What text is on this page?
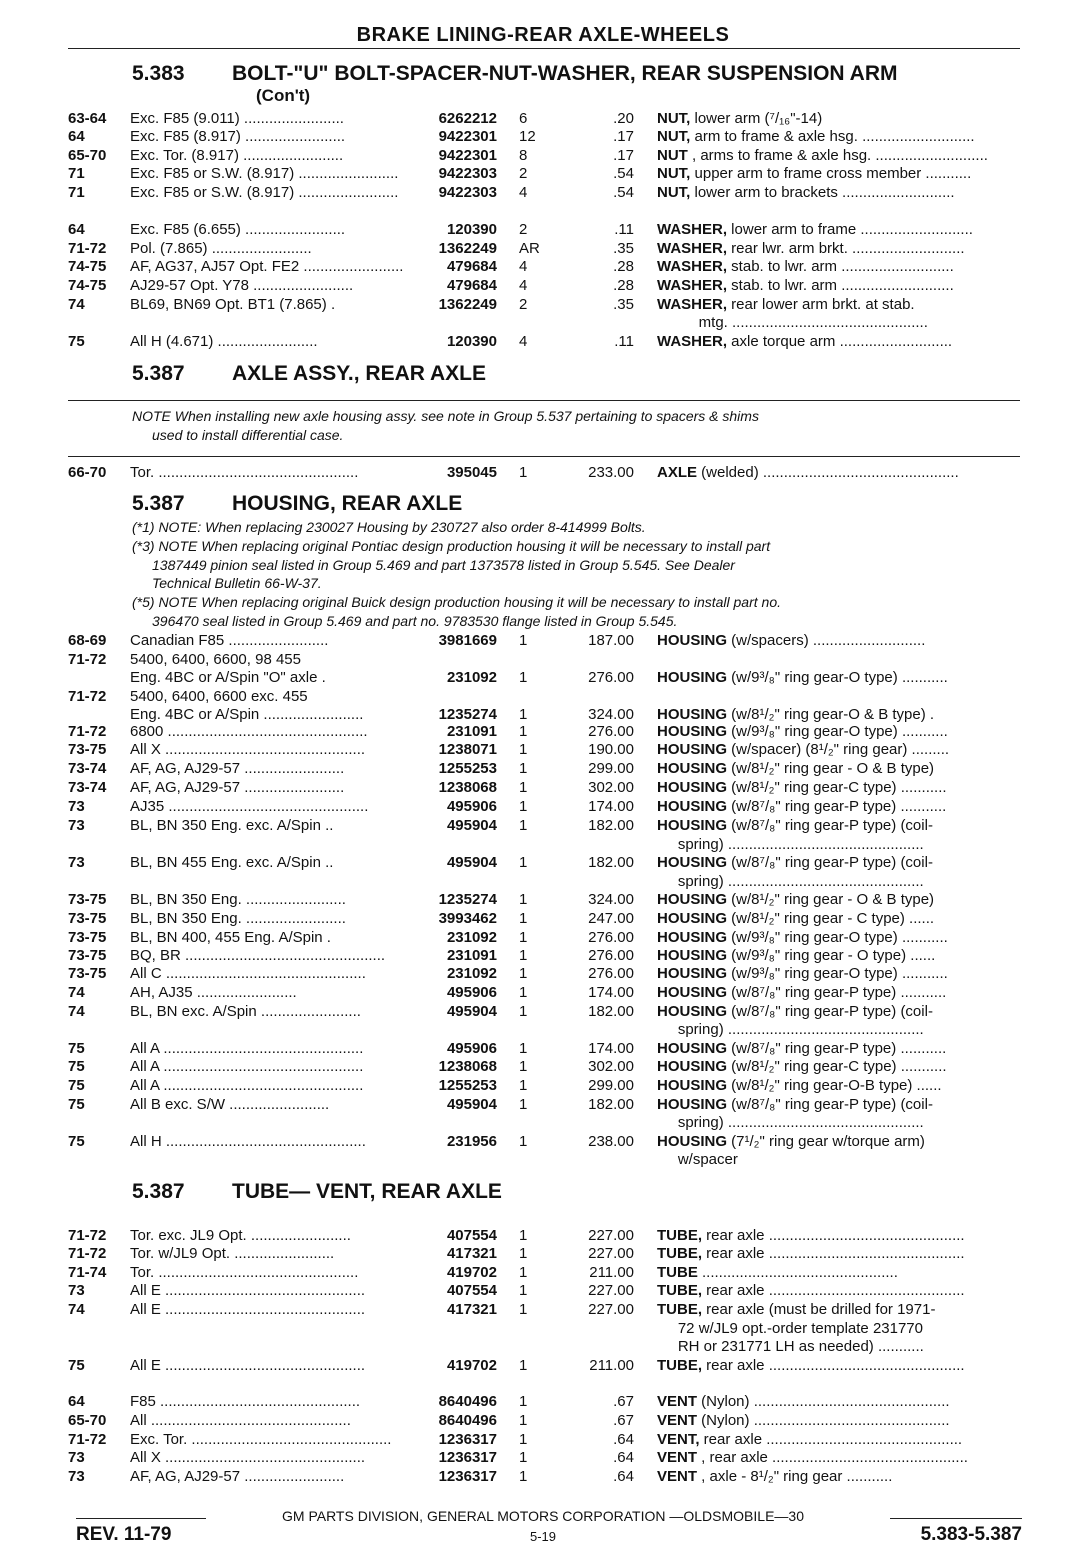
BRAKE LINING-REAR AXLE-WHEELS
5.383 BOLT-"U" BOLT-SPACER-NUT-WASHER, REAR SUSPENSION ARM
(Con't)
5.387 AXLE ASSY., REAR AXLE

NOTE When installing new axle housing assy. see note in Group 5.537 pertaining to spacers & shims

used to install differential case.

5.387 HOUSING, REAR AXLE

(*1) NOTE: When replacing 230027 Housing by 230727 also order 8-414999 Bolts.

(*3) NOTE When replacing original Pontiac design production housing it will be necessary to install part

1387449 pinion seal listed in Group 5.469 and part 1373578 listed in Group 5.545. See Dealer

Technical Bulletin 66-W-37.

(*5) NOTE When replacing original Buick design production housing it will be necessary to install part no.

396470 seal listed in Group 5.469 and part no. 9783530 flange listed in Group 5.545.

5.387 TUBE— VENT, REAR AXLE
63-64 Exc. F85 (9.011) ........................	6262212 6	.20 NUT, lower arm (⁷/₁₆"-14)
64	Exc. F85 (8.917) ........................	9422301 12	.17 NUT, arm to frame & axle hsg. ...........................
65-70 Exc. Tor. (8.917) ........................	9422301 8	.17 NUT , arms to frame & axle hsg. ...........................
71	Exc. F85 or S.W. (8.917) ........................	9422303 2	.54 NUT, upper arm to frame cross member ...........
71	Exc. F85 or S.W. (8.917) ........................	9422303 4	.54 NUT, lower arm to brackets ...........................
64	Exc. F85 (6.655) ........................	120390 2	.11 WASHER, lower arm to frame ...........................
71-72 Pol. (7.865) ........................	1362249 AR	.35 WASHER, rear lwr. arm brkt. ...........................
74-75 AF, AG37, AJ57 Opt. FE2 ........................	479684 4	.28 WASHER, stab. to lwr. arm ...........................
74-75 AJ29-57 Opt. Y78 ........................	479684 4	.28 WASHER, stab. to lwr. arm ...........................
74	BL69, BN69 Opt. BT1 (7.865) .	1362249 2	.35 WASHER, rear lower arm brkt. at stab.
mtg. ...............................................
75	All H (4.671) ........................	120390 4	.11 WASHER, axle torque arm ...........................
66-70 Tor. ................................................	395045 1	233.00 AXLE (welded) ...............................................
68-69 Canadian F85 ........................	3981669 1	187.00 HOUSING (w/spacers) ...........................
71-72 5400, 6400, 6600, 98 455
Eng. 4BC or A/Spin "O" axle .	231092 1	276.00 HOUSING (w/9³/₈" ring gear-O type) ...........
71-72 5400, 6400, 6600 exc. 455
Eng. 4BC or A/Spin ........................	1235274 1	324.00 HOUSING (w/8¹/₂" ring gear-O & B type) .
71-72 6800 ................................................	231091 1	276.00 HOUSING (w/9³/₈" ring gear-O type) ...........
73-75 All X ................................................	1238071 1	190.00 HOUSING (w/spacer) (8¹/₂" ring gear) .........
73-74 AF, AG, AJ29-57 ........................	1255253 1	299.00 HOUSING (w/8¹/₂" ring gear - O & B type)
73-74 AF, AG, AJ29-57 ........................	1238068 1	302.00 HOUSING (w/8¹/₂" ring gear-C type) ...........
73	AJ35 ................................................	495906 1	174.00 HOUSING (w/8⁷/₈" ring gear-P type) ...........
73	BL, BN 350 Eng. exc. A/Spin ..	495904 1	182.00 HOUSING (w/8⁷/₈" ring gear-P type) (coil-
spring) ...............................................
73	BL, BN 455 Eng. exc. A/Spin ..	495904 1	182.00 HOUSING (w/8⁷/₈" ring gear-P type) (coil-
spring) ...............................................
73-75 BL, BN 350 Eng. ........................	1235274 1	324.00 HOUSING (w/8¹/₂" ring gear - O & B type)
73-75 BL, BN 350 Eng. ........................	3993462 1	247.00 HOUSING (w/8¹/₂" ring gear - C type) ......
73-75 BL, BN 400, 455 Eng. A/Spin .	231092 1	276.00 HOUSING (w/9³/₈" ring gear-O type) ...........
73-75 BQ, BR ................................................	231091 1	276.00 HOUSING (w/9³/₈" ring gear - O type) ......
73-75 All C ................................................	231092 1	276.00 HOUSING (w/9³/₈" ring gear-O type) ...........
74	AH, AJ35 ........................	495906 1	174.00 HOUSING (w/8⁷/₈" ring gear-P type) ...........
74	BL, BN exc. A/Spin ........................	495904 1	182.00 HOUSING (w/8⁷/₈" ring gear-P type) (coil-
spring) ...............................................
75	All A ................................................	495906 1	174.00 HOUSING (w/8⁷/₈" ring gear-P type) ...........
75	All A ................................................	1238068 1	302.00 HOUSING (w/8¹/₂" ring gear-C type) ...........
75	All A ................................................	1255253 1	299.00 HOUSING (w/8¹/₂" ring gear-O-B type) ......
75	All B exc. S/W ........................	495904 1	182.00 HOUSING (w/8⁷/₈" ring gear-P type) (coil-
spring) ...............................................
75	All H ................................................	231956 1	238.00 HOUSING (7¹/₂" ring gear w/torque arm)
w/spacer
71-72 Tor. exc. JL9 Opt. ........................	407554 1	227.00 TUBE, rear axle ...............................................
71-72 Tor. w/JL9 Opt. ........................	417321 1	227.00 TUBE, rear axle ...............................................
71-74 Tor. ................................................	419702 1	211.00 TUBE ...............................................
73	All E ................................................	407554 1	227.00 TUBE, rear axle ...............................................
74	All E ................................................	417321 1	227.00 TUBE, rear axle (must be drilled for 1971-
72 w/JL9 opt.-order template 231770
RH or 231771 LH as needed) ...........
75	All E ................................................	419702 1	211.00 TUBE, rear axle ...............................................
64	F85 ................................................	8640496 1	.67 VENT (Nylon) ...............................................
65-70 All ................................................	8640496 1	.67 VENT (Nylon) ...............................................
71-72 Exc. Tor. ................................................	1236317 1	.64 VENT, rear axle ...............................................
73	All X ................................................	1236317 1	.64 VENT , rear axle ...............................................
73	AF, AG, AJ29-57 ........................	1236317 1	.64 VENT , axle - 8¹/₂" ring gear ...........
GM PARTS DIVISION, GENERAL MOTORS CORPORATION —OLDSMOBILE—30
REV. 11-79	5-19	5.383-5.387
